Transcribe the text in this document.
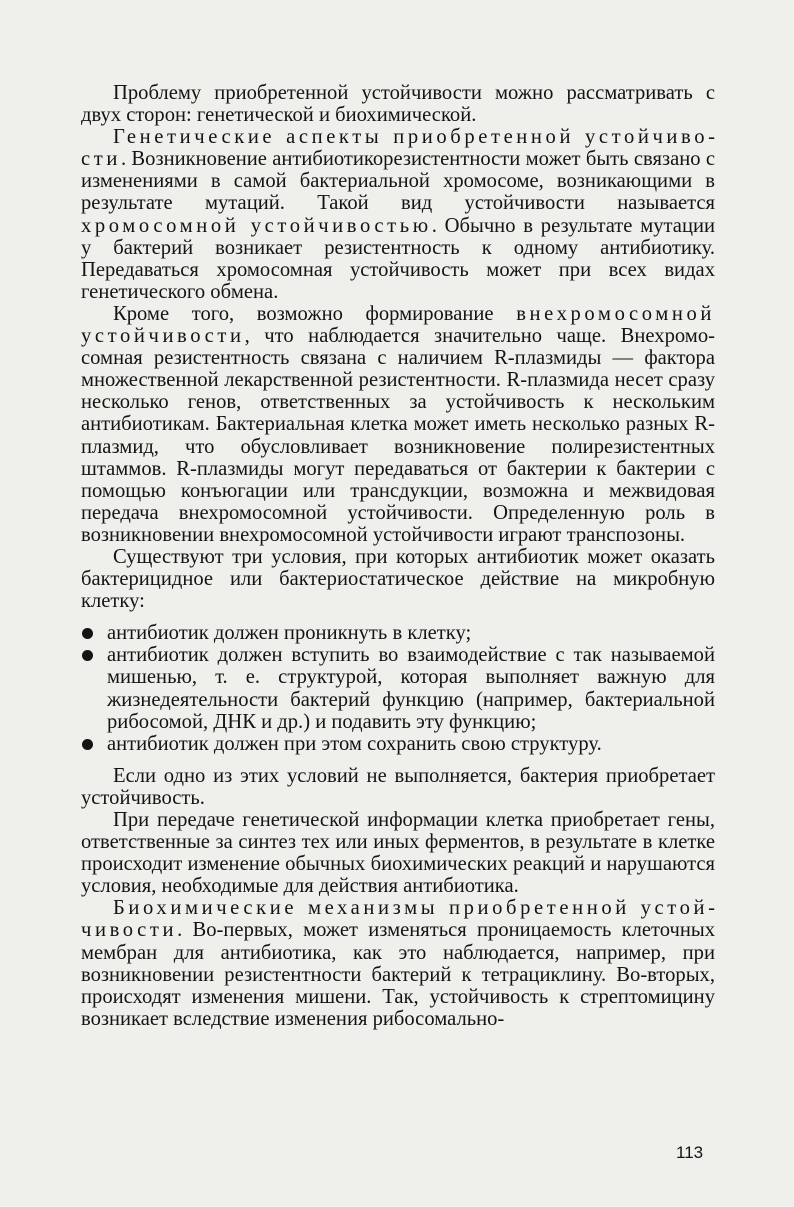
Проблему приобретенной устойчивости можно рассматривать с двух сторон: генетической и биохимической.

Генетические аспекты приобретенной устойчивости. Возникновение антибиотикорезистентности может быть связано с изменениями в самой бактериальной хромосоме, возникающими в результате мутаций. Такой вид устойчивости называется хромосомной устойчивостью. Обычно в результате мутации у бактерий возникает резистентность к одному антибиотику. Передаваться хромосомная устойчивость может при всех видах генетического обмена.

Кроме того, возможно формирование внехромосомной устойчивости, что наблюдается значительно чаще. Внехромосомная резистентность связана с наличием R-плазмиды — фактора множественной лекарственной резистентности. R-плазмида несет сразу несколько генов, ответственных за устойчивость к нескольким антибиотикам. Бактериальная клетка может иметь несколько разных R-плазмид, что обусловливает возникновение полирезистентных штаммов. R-плазмиды могут передаваться от бактерии к бактерии с помощью конъюгации или трансдукции, возможна и межвидовая передача внехромосомной устойчивости. Определенную роль в возникновении внехромосомной устойчивости играют транспозоны.

Существуют три условия, при которых антибиотик может оказать бактерицидное или бактериостатическое действие на микробную клетку:

антибиотик должен проникнуть в клетку;
антибиотик должен вступить во взаимодействие с так называемой мишенью, т. е. структурой, которая выполняет важную для жизнедеятельности бактерий функцию (например, бактериальной рибосомой, ДНК и др.) и подавить эту функцию;
антибиотик должен при этом сохранить свою структуру.

Если одно из этих условий не выполняется, бактерия приобретает устойчивость.

При передаче генетической информации клетка приобретает гены, ответственные за синтез тех или иных ферментов, в результате в клетке происходит изменение обычных биохимических реакций и нарушаются условия, необходимые для действия антибиотика.

Биохимические механизмы приобретенной устойчивости. Во-первых, может изменяться проницаемость клеточных мембран для антибиотика, как это наблюдается, например, при возникновении резистентности бактерий к тетрациклину. Во-вторых, происходят изменения мишени. Так, устойчивость к стрептомицину возникает вследствие изменения рибосомально-

113
